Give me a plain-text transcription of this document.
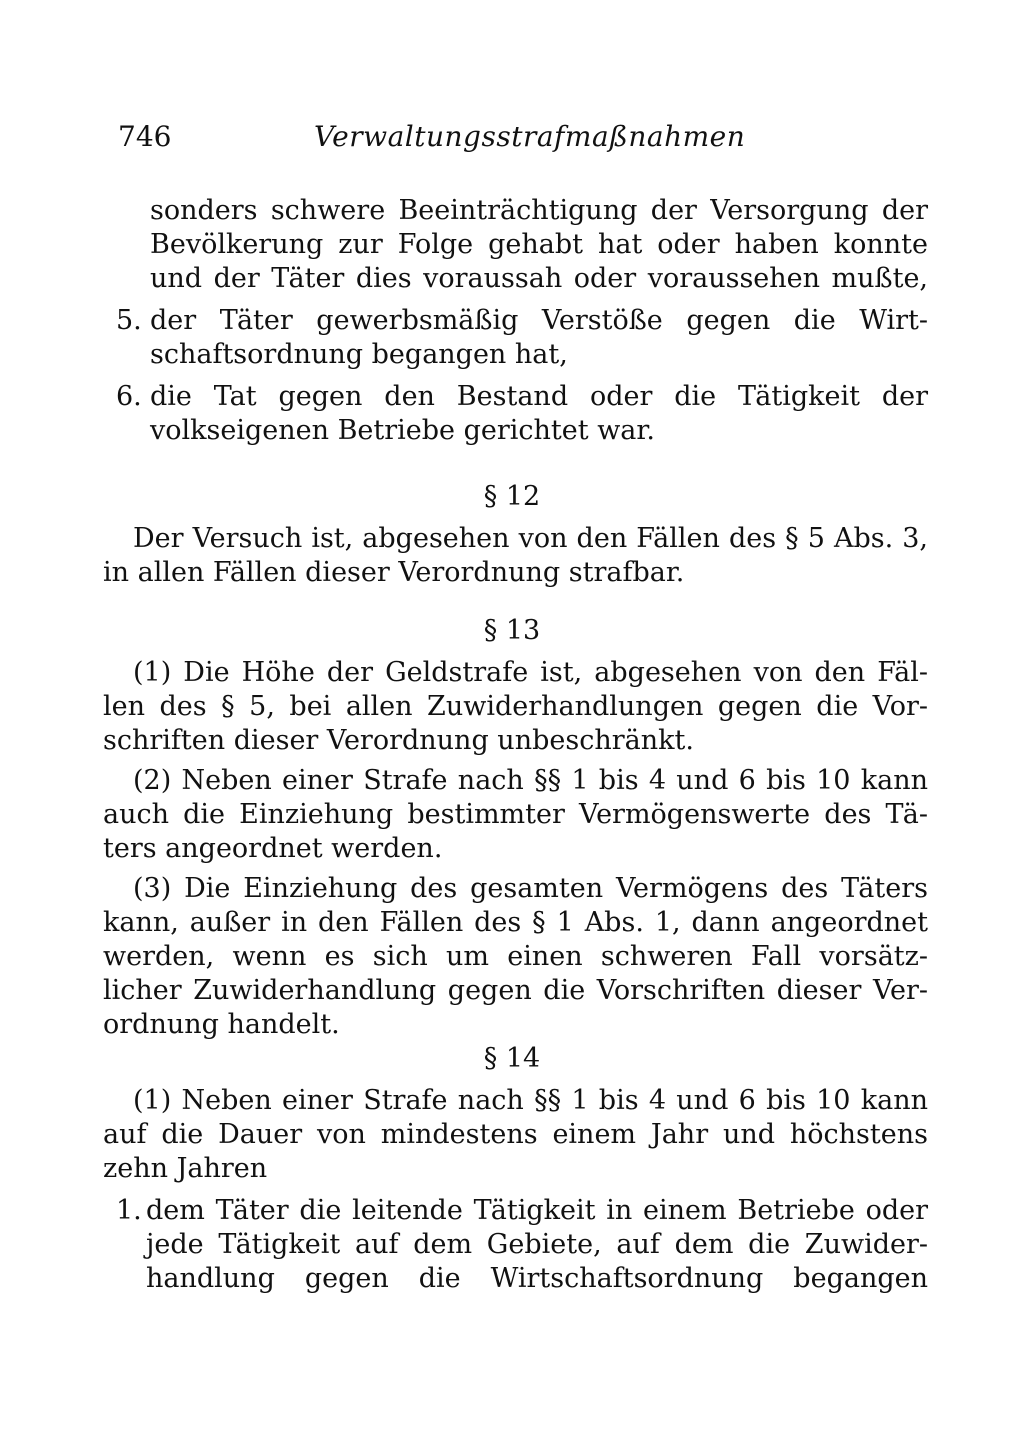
746	Verwaltungsstrafmaßnahmen
sonders schwere Beeinträchtigung der Versorgung der
Bevölkerung zur Folge gehabt hat oder haben konnte
und der Täter dies voraussah oder voraussehen mußte,
5. der Täter gewerbsmäßig Verstöße gegen die Wirt-
schaftsordnung begangen hat,
6. die Tat gegen den Bestand oder die Tätigkeit der
volkseigenen Betriebe gerichtet war.
§ 12
Der Versuch ist, abgesehen von den Fällen des § 5 Abs. 3,
in allen Fällen dieser Verordnung strafbar.
§ 13
(1) Die Höhe der Geldstrafe ist, abgesehen von den Fäl-
len des § 5, bei allen Zuwiderhandlungen gegen die Vor-
schriften dieser Verordnung unbeschränkt.
(2) Neben einer Strafe nach §§ 1 bis 4 und 6 bis 10 kann
auch die Einziehung bestimmter Vermögenswerte des Tä-
ters angeordnet werden.
(3) Die Einziehung des gesamten Vermögens des Täters
kann, außer in den Fällen des § 1 Abs. 1, dann angeordnet
werden, wenn es sich um einen schweren Fall vorsätz-
licher Zuwiderhandlung gegen die Vorschriften dieser Ver-
ordnung handelt.
§ 14
(1) Neben einer Strafe nach §§ 1 bis 4 und 6 bis 10 kann
auf die Dauer von mindestens einem Jahr und höchstens
zehn Jahren
1. dem Täter die leitende Tätigkeit in einem Betriebe oder
jede Tätigkeit auf dem Gebiete, auf dem die Zuwider-
handlung gegen die Wirtschaftsordnung begangen
